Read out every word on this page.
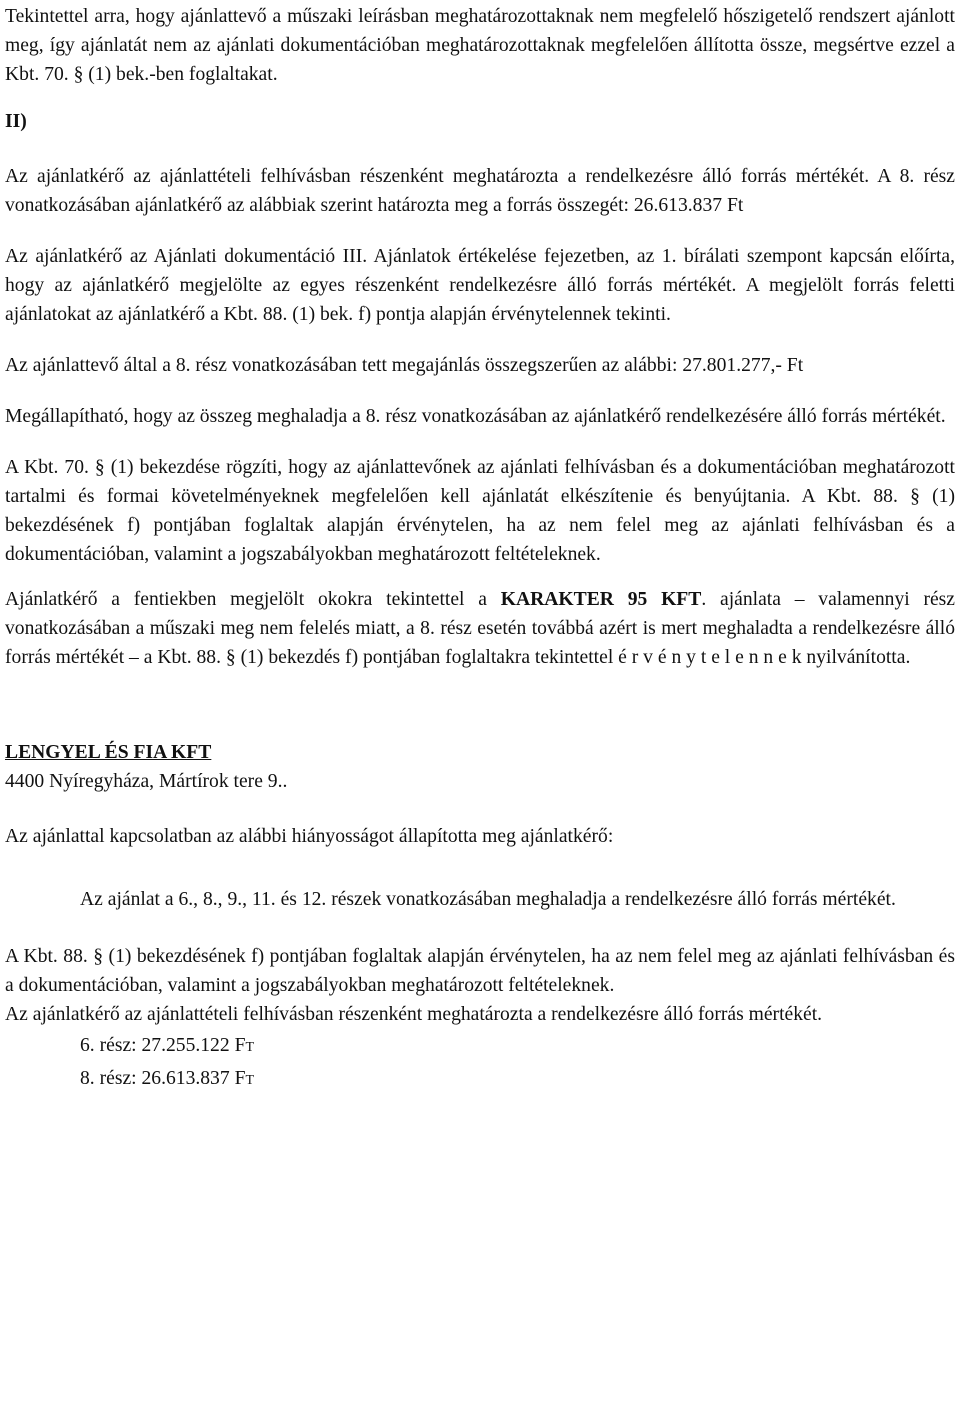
Tekintettel arra, hogy ajánlattevő a műszaki leírásban meghatározottaknak nem megfelelő hőszigetelő rendszert ajánlott meg, így ajánlatát nem az ajánlati dokumentációban meghatározottaknak megfelelően állította össze, megsértve ezzel a Kbt. 70. § (1) bek.-ben foglaltakat.

II)

Az ajánlatkérő az ajánlattételi felhívásban részenként meghatározta a rendelkezésre álló forrás mértékét. A 8. rész vonatkozásában ajánlatkérő az alábbiak szerint határozta meg a forrás összegét: 26.613.837 Ft

Az ajánlatkérő az Ajánlati dokumentáció III. Ajánlatok értékelése fejezetben, az 1. bírálati szempont kapcsán előírta, hogy az ajánlatkérő megjelölte az egyes részenként rendelkezésre álló forrás mértékét. A megjelölt forrás feletti ajánlatokat az ajánlatkérő a Kbt. 88. (1) bek. f) pontja alapján érvénytelennek tekinti.

Az ajánlattevő által a 8. rész vonatkozásában tett megajánlás összegszerűen az alábbi: 27.801.277,- Ft

Megállapítható, hogy az összeg meghaladja a 8. rész vonatkozásában az ajánlatkérő rendelkezésére álló forrás mértékét.

A Kbt. 70. § (1) bekezdése rögzíti, hogy az ajánlattevőnek az ajánlati felhívásban és a dokumentációban meghatározott tartalmi és formai követelményeknek megfelelően kell ajánlatát elkészítenie és benyújtania. A Kbt. 88. § (1) bekezdésének f) pontjában foglaltak alapján érvénytelen, ha az nem felel meg az ajánlati felhívásban és a dokumentációban, valamint a jogszabályokban meghatározott feltételeknek.

Ajánlatkérő a fentiekben megjelölt okokra tekintettel a KARAKTER 95 KFT. ajánlata – valamennyi rész vonatkozásában a műszaki meg nem felelés miatt, a 8. rész esetén továbbá azért is mert meghaladta a rendelkezésre álló forrás mértékét – a Kbt. 88. § (1) bekezdés f) pontjában foglaltakra tekintettel é r v é n y t e l e n n e k nyilvánította.

LENGYEL ÉS FIA KFT

4400 Nyíregyháza, Mártírok tere 9..

Az ajánlattal kapcsolatban az alábbi hiányosságot állapította meg ajánlatkérő:

Az ajánlat a 6., 8., 9., 11. és 12. részek vonatkozásában meghaladja a rendelkezésre álló forrás mértékét.

A Kbt. 88. § (1) bekezdésének f) pontjában foglaltak alapján érvénytelen, ha az nem felel meg az ajánlati felhívásban és a dokumentációban, valamint a jogszabályokban meghatározott feltételeknek.

Az ajánlatkérő az ajánlattételi felhívásban részenként meghatározta a rendelkezésre álló forrás mértékét.

6. rész: 27.255.122 Ft
8. rész: 26.613.837 Ft
